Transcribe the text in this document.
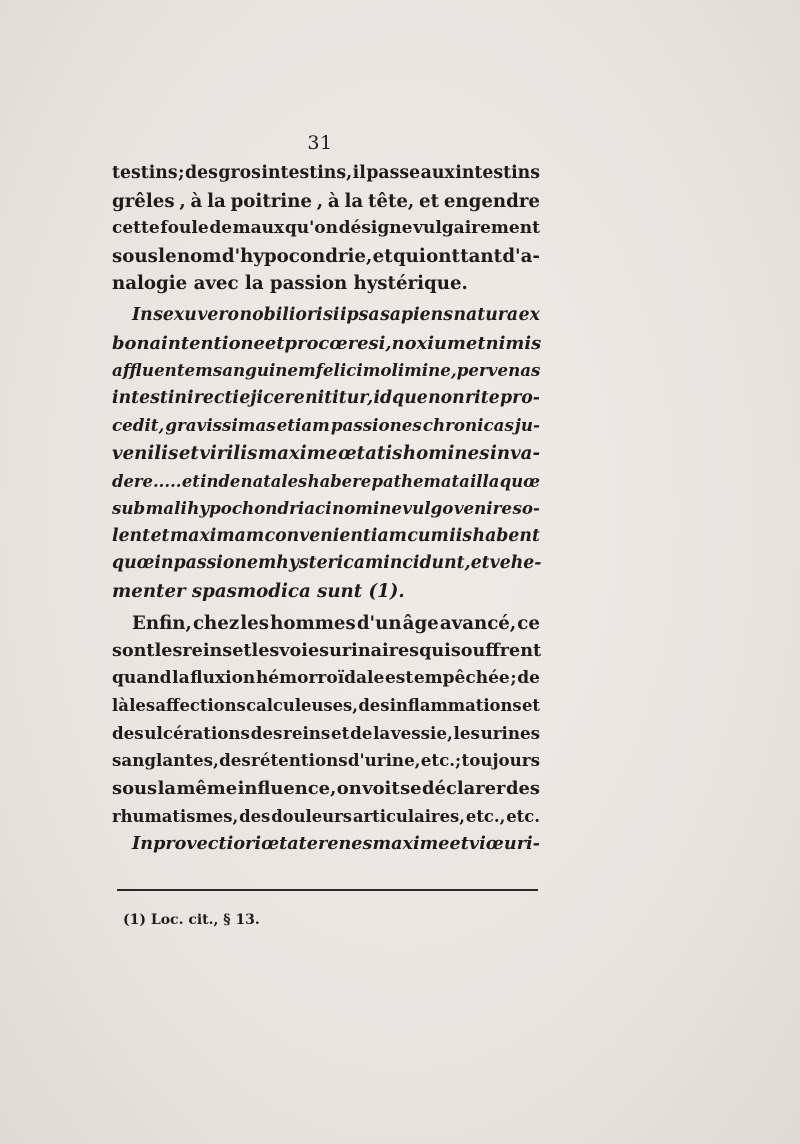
31
testins ; des gros intestins, il passe aux intestins
grêles , à la poitrine , à la tête, et engendre
cette foule de maux qu'on désigne vulgairement
sous le nom d'hypocondrie, et qui ont tant d'a-
nalogie avec la passion hystérique.
In sexu vero nobiliori si ipsa sapiens natura ex
bona intentione et procœresi, noxium et nimis
affluentem sanguinem felici molimine, per venas
intestini recti ejicere nititur, idque non rite pro-
cedit, gravissimas etiam passiones chronicas ju-
venilis et virilis maxime œtatis homines inva-
dere..... et inde natales habere pathemata illa quœ
sub mali hypochondriaci nomine vulgo venire so-
lent et maximam convenientiam cum iis habent
quœ in passionem hystericam incidunt, et vehe-
menter spasmodica sunt (1).
Enfin, chez les hommes d'un âge avancé, ce
sont les reins et les voies urinaires qui souffrent
quand la fluxion hémorroïdale est empêchée ; de
là les affections calculeuses, des inflammations et
des ulcérations des reins et de la vessie, les urines
sanglantes, des rétentions d'urine, etc.; toujours
sous la même influence, on voit se déclarer des
rhumatismes, des douleurs articulaires, etc., etc.
In provectiori œtate renes maxime et viœ uri-
(1) Loc. cit., § 13.
